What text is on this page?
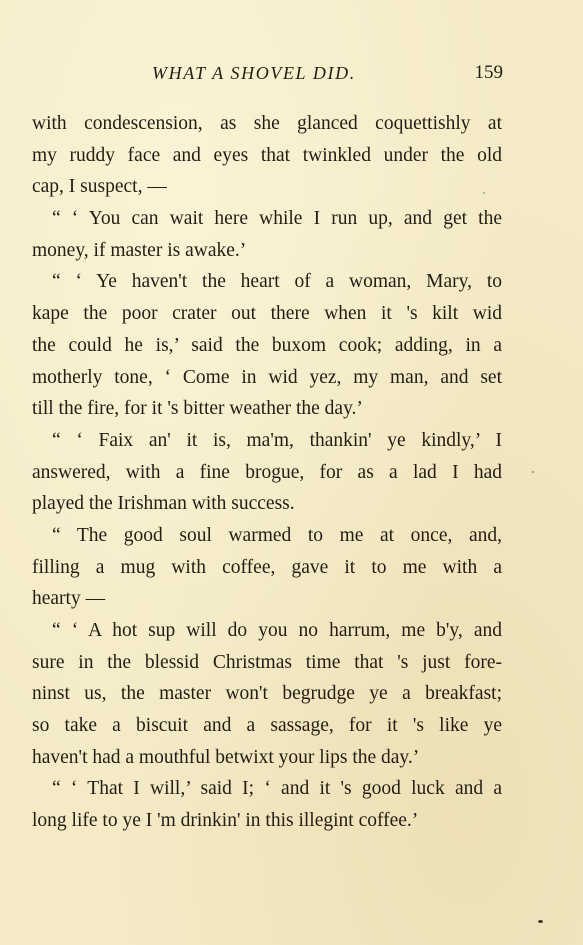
WHAT A SHOVEL DID.	159
with condescension, as she glanced coquettishly at
my ruddy face and eyes that twinkled under the old
cap, I suspect, —
“ ‘ You can wait here while I run up, and get the
money, if master is awake.’
“ ‘ Ye haven't the heart of a woman, Mary, to
kape the poor crater out there when it 's kilt wid
the could he is,’ said the buxom cook; adding, in a
motherly tone, ‘ Come in wid yez, my man, and set
till the fire, for it 's bitter weather the day.’
“ ‘ Faix an' it is, ma'm, thankin' ye kindly,’ I
answered, with a fine brogue, for as a lad I had
played the Irishman with success.
“ The good soul warmed to me at once, and,
filling a mug with coffee, gave it to me with a
hearty —
“ ‘ A hot sup will do you no harrum, me b'y, and
sure in the blessid Christmas time that 's just fore-
ninst us, the master won't begrudge ye a breakfast;
so take a biscuit and a sassage, for it 's like ye
haven't had a mouthful betwixt your lips the day.’
“ ‘ That I will,’ said I; ‘ and it 's good luck and a
long life to ye I 'm drinkin' in this illegint coffee.’
